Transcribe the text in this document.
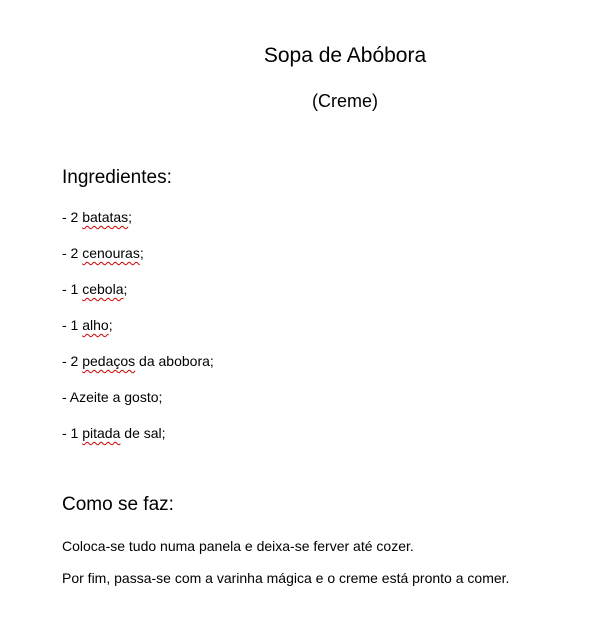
Sopa de Abóbora
(Creme)
Ingredientes:
- 2 batatas;
- 2 cenouras;
- 1 cebola;
- 1 alho;
- 2 pedaços da abobora;
- Azeite a gosto;
- 1 pitada de sal;
Como se faz:

Coloca-se tudo numa panela e deixa-se ferver até cozer.

Por fim, passa-se com a varinha mágica e o creme está pronto a comer.
